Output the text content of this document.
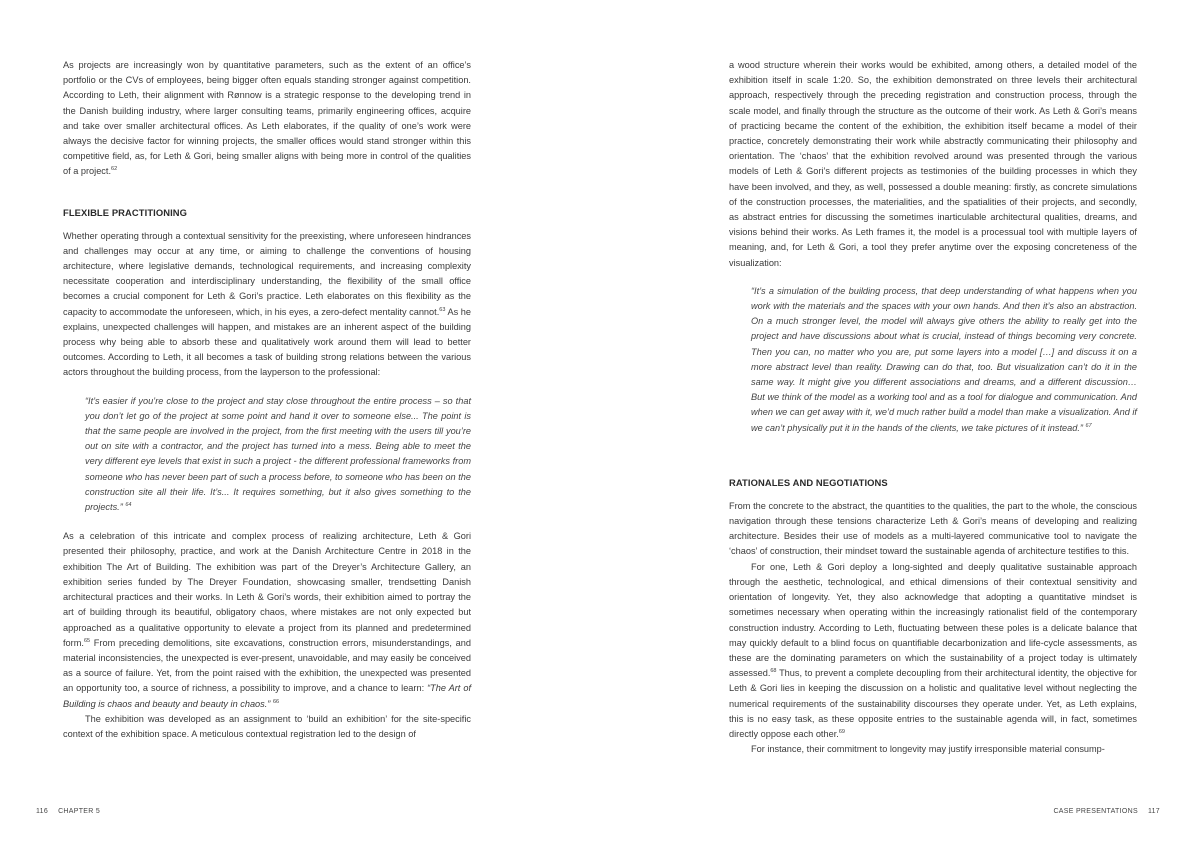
As projects are increasingly won by quantitative parameters, such as the extent of an office’s portfolio or the CVs of employees, being bigger often equals standing stronger against competition. According to Leth, their alignment with Rønnow is a strategic response to the developing trend in the Danish building industry, where larger consulting teams, primarily engineering offices, acquire and take over smaller architectural offices. As Leth elaborates, if the quality of one’s work were always the decisive factor for winning projects, the smaller offices would stand stronger within this competitive field, as, for Leth & Gori, being smaller aligns with being more in control of the qualities of a project.$^{62}$

FLEXIBLE PRACTITIONING

Whether operating through a contextual sensitivity for the preexisting, where unforeseen hindrances and challenges may occur at any time, or aiming to challenge the conventions of housing architecture, where legislative demands, technological requirements, and increasing complexity necessitate cooperation and interdisciplinary understanding, the flexibility of the small office becomes a crucial component for Leth & Gori’s practice. Leth elaborates on this flexibility as the capacity to accommodate the unforeseen, which, in his eyes, a zero-defect mentality cannot.$^{63}$ As he explains, unexpected challenges will happen, and mistakes are an inherent aspect of the building process why being able to absorb these and qualitatively work around them will lead to better outcomes. According to Leth, it all becomes a task of building strong relations between the various actors throughout the building process, from the layperson to the professional:

“It’s easier if you’re close to the project and stay close throughout the entire process – so that you don’t let go of the project at some point and hand it over to someone else... The point is that the same people are involved in the project, from the first meeting with the users till you’re out on site with a contractor, and the project has turned into a mess. Being able to meet the very different eye levels that exist in such a project - the different professional frameworks from someone who has never been part of such a process before, to someone who has been on the construction site all their life. It’s... It requires something, but it also gives something to the projects.” $^{64}$

As a celebration of this intricate and complex process of realizing architecture, Leth & Gori presented their philosophy, practice, and work at the Danish Architecture Centre in 2018 in the exhibition The Art of Building. The exhibition was part of the Dreyer’s Architecture Gallery, an exhibition series funded by The Dreyer Foundation, showcasing smaller, trendsetting Danish architectural practices and their works. In Leth & Gori’s words, their exhibition aimed to portray the art of building through its beautiful, obligatory chaos, where mistakes are not only expected but approached as a qualitative opportunity to elevate a project from its planned and predetermined form.$^{65}$ From preceding demolitions, site excavations, construction errors, misunderstandings, and material inconsistencies, the unexpected is ever-present, unavoidable, and may easily be conceived as a source of failure. Yet, from the point raised with the exhibition, the unexpected was presented an opportunity too, a source of richness, a possibility to improve, and a chance to learn: “The Art of Building is chaos and beauty and beauty in chaos.” $^{66}$

The exhibition was developed as an assignment to ‘build an exhibition’ for the site-specific context of the exhibition space. A meticulous contextual registration led to the design of

116 CHAPTER 5

a wood structure wherein their works would be exhibited, among others, a detailed model of the exhibition itself in scale 1:20. So, the exhibition demonstrated on three levels their architectural approach, respectively through the preceding registration and construction process, through the scale model, and finally through the structure as the outcome of their work. As Leth & Gori’s means of practicing became the content of the exhibition, the exhibition itself became a model of their practice, concretely demonstrating their work while abstractly communicating their philosophy and orientation. The ‘chaos’ that the exhibition revolved around was presented through the various models of Leth & Gori’s different projects as testimonies of the building processes in which they have been involved, and they, as well, possessed a double meaning: firstly, as concrete simulations of the construction processes, the materialities, and the spatialities of their projects, and secondly, as abstract entries for discussing the sometimes inarticulable architectural qualities, dreams, and visions behind their works. As Leth frames it, the model is a processual tool with multiple layers of meaning, and, for Leth & Gori, a tool they prefer anytime over the exposing concreteness of the visualization:

“It’s a simulation of the building process, that deep understanding of what happens when you work with the materials and the spaces with your own hands. And then it’s also an abstraction. On a much stronger level, the model will always give others the ability to really get into the project and have discussions about what is crucial, instead of things becoming very concrete. Then you can, no matter who you are, put some layers into a model […] and discuss it on a more abstract level than reality. Drawing can do that, too. But visualization can’t do it in the same way. It might give you different associations and dreams, and a different discussion… But we think of the model as a working tool and as a tool for dialogue and communication. And when we can get away with it, we’d much rather build a model than make a visualization. And if we can’t physically put it in the hands of the clients, we take pictures of it instead.” $^{67}$
RATIONALES AND NEGOTIATIONS

From the concrete to the abstract, the quantities to the qualities, the part to the whole, the conscious navigation through these tensions characterize Leth & Gori’s means of developing and realizing architecture. Besides their use of models as a multi-layered communicative tool to navigate the ‘chaos’ of construction, their mindset toward the sustainable agenda of architecture testifies to this.

For one, Leth & Gori deploy a long-sighted and deeply qualitative sustainable approach through the aesthetic, technological, and ethical dimensions of their contextual sensitivity and orientation of longevity. Yet, they also acknowledge that adopting a quantitative mindset is sometimes necessary when operating within the increasingly rationalist field of the contemporary construction industry. According to Leth, fluctuating between these poles is a delicate balance that may quickly default to a blind focus on quantifiable decarbonization and life-cycle assessments, as these are the dominating parameters on which the sustainability of a project today is ultimately assessed.$^{68}$ Thus, to prevent a complete decoupling from their architectural identity, the objective for Leth & Gori lies in keeping the discussion on a holistic and qualitative level without neglecting the numerical requirements of the sustainability discourses they operate under. Yet, as Leth explains, this is no easy task, as these opposite entries to the sustainable agenda will, in fact, sometimes directly oppose each other.$^{69}$

For instance, their commitment to longevity may justify irresponsible material consump-

CASE PRESENTATIONS 117
